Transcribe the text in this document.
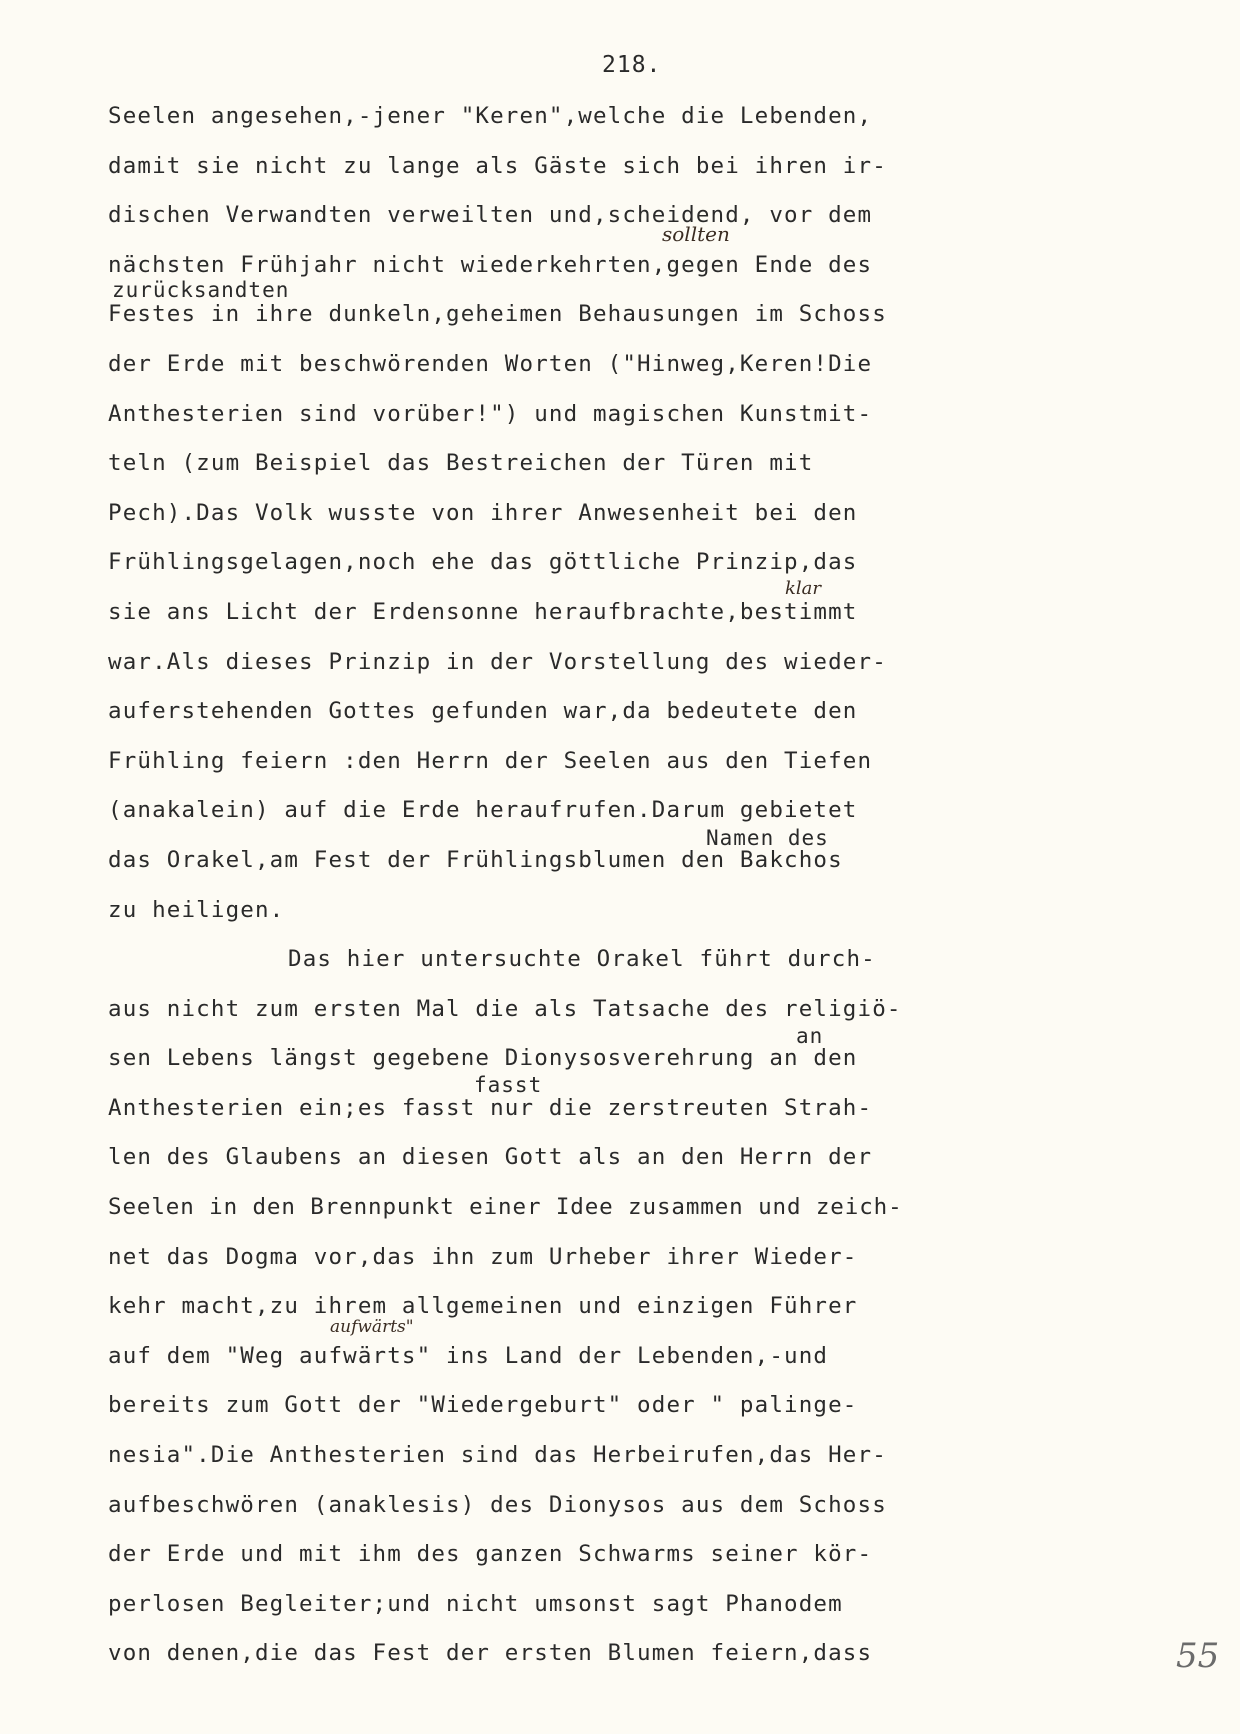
218.
sollten
zurücksandten
klar
Namen des
an
fasst
aufwärts"
Seelen angesehen,-jener "Keren",welche die Lebenden,
damit sie nicht zu lange als Gäste sich bei ihren ir-
dischen Verwandten verweilten und,scheidend, vor dem
nächsten Frühjahr nicht wiederkehrten,gegen Ende des
Festes in ihre dunkeln,geheimen Behausungen im Schoss
der Erde mit beschwörenden Worten ("Hinweg,Keren!Die
Anthesterien sind vorüber!") und magischen Kunstmit-
teln (zum Beispiel das Bestreichen der Türen mit
Pech).Das Volk wusste von ihrer Anwesenheit bei den
Frühlingsgelagen,noch ehe das göttliche Prinzip,das
sie ans Licht der Erdensonne heraufbrachte,bestimmt
war.Als dieses Prinzip in der Vorstellung des wieder-
auferstehenden Gottes gefunden war,da bedeutete den
Frühling feiern :den Herrn der Seelen aus den Tiefen
(anakalein) auf die Erde heraufrufen.Darum gebietet
das Orakel,am Fest der Frühlingsblumen den Bakchos
zu heiligen.
Das hier untersuchte Orakel führt durch-
aus nicht zum ersten Mal die als Tatsache des religiö-
sen Lebens längst gegebene Dionysosverehrung an den
Anthesterien ein;es fasst nur die zerstreuten Strah-
len des Glaubens an diesen Gott als an den Herrn der
Seelen in den Brennpunkt einer Idee zusammen und zeich-
net das Dogma vor,das ihn zum Urheber ihrer Wieder-
kehr macht,zu ihrem allgemeinen und einzigen Führer
auf dem "Weg aufwärts" ins Land der Lebenden,-und
bereits zum Gott der "Wiedergeburt" oder " palinge-
nesia".Die Anthesterien sind das Herbeirufen,das Her-
aufbeschwören (anaklesis) des Dionysos aus dem Schoss
der Erde und mit ihm des ganzen Schwarms seiner kör-
perlosen Begleiter;und nicht umsonst sagt Phanodem
von denen,die das Fest der ersten Blumen feiern,dass	55
